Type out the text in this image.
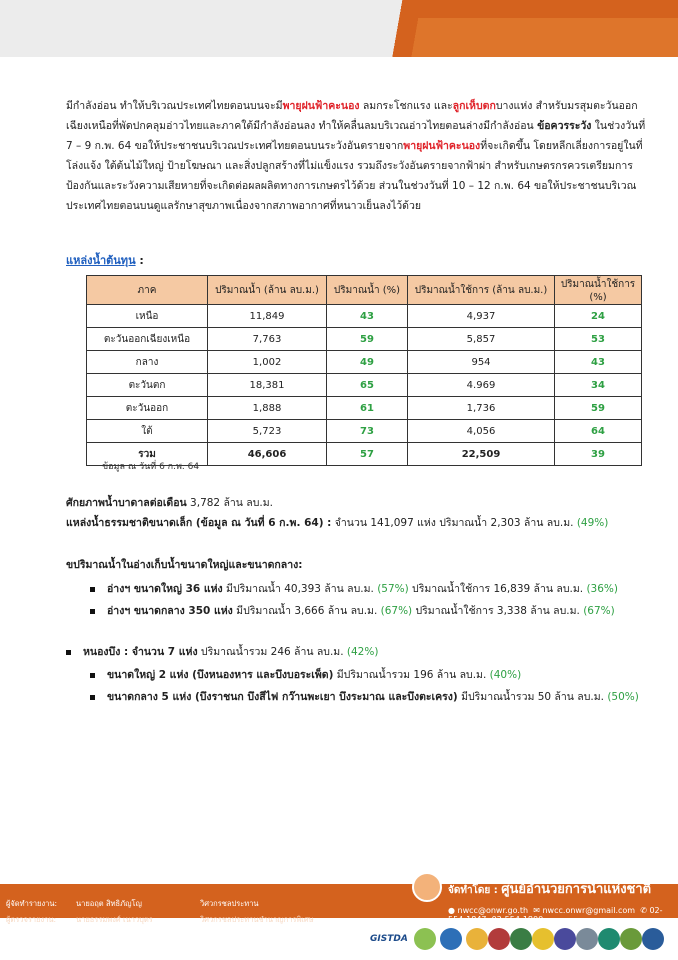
มีกำลังอ่อน ทำให้บริเวณประเทศไทยตอนบนจะมีพายุฝนฟ้าคะนอง ลมกระโชกแรง และลูกเห็บตกบางแห่ง สำหรับมรสุมตะวันออกเฉียงเหนือที่พัดปกคลุมอ่าวไทยและภาคใต้มีกำลังอ่อนลง ทำให้คลื่นลมบริเวณอ่าวไทยตอนล่างมีกำลังอ่อน ข้อควรระวัง ในช่วงวันที่ 7 – 9 ก.พ. 64 ขอให้ประชาชนบริเวณประเทศไทยตอนบนระวังอันตรายจากพายุฝนฟ้าคะนองที่จะเกิดขึ้น โดยหลีกเลี่ยงการอยู่ในที่โล่งแจ้ง ใต้ต้นไม้ใหญ่ ป้ายโฆษณา และสิ่งปลูกสร้างที่ไม่แข็งแรง รวมถึงระวังอันตรายจากฟ้าผ่า สำหรับเกษตรกรควรเตรียมการป้องกันและระวังความเสียหายที่จะเกิดต่อผลผลิตทางการเกษตรไว้ด้วย ส่วนในช่วงวันที่ 10 – 12 ก.พ. 64 ขอให้ประชาชนบริเวณประเทศไทยตอนบนดูแลรักษาสุขภาพเนื่องจากสภาพอากาศที่หนาวเย็นลงไว้ด้วย

แหล่งน้ำต้นทุน :
ภาค	ปริมาณน้ำ (ล้าน ลบ.ม.)	ปริมาณน้ำ (%)	ปริมาณน้ำใช้การ (ล้าน ลบ.ม.)	ปริมาณน้ำใช้การ (%)
เหนือ	11,849	43	4,937	24
ตะวันออกเฉียงเหนือ	7,763	59	5,857	53
กลาง	1,002	49	954	43
ตะวันตก	18,381	65	4.969	34
ตะวันออก	1,888	61	1,736	59
ใต้	5,723	73	4,056	64
รวม	46,606	57	22,509	39
ข้อมูล ณ วันที่ 6 ก.พ. 64
ศักยภาพน้ำบาดาลต่อเดือน 3,782 ล้าน ลบ.ม.
แหล่งน้ำธรรมชาติขนาดเล็ก (ข้อมูล ณ วันที่ 6 ก.พ. 64) : จำนวน 141,097 แห่ง ปริมาณน้ำ 2,303 ล้าน ลบ.ม. (49%)
ขปริมาณน้ำในอ่างเก็บน้ำขนาดใหญ่และขนาดกลาง:
อ่างฯ ขนาดใหญ่ 36 แห่ง มีปริมาณน้ำ 40,393 ล้าน ลบ.ม. (57%) ปริมาณน้ำใช้การ 16,839 ล้าน ลบ.ม. (36%)
อ่างฯ ขนาดกลาง 350 แห่ง มีปริมาณน้ำ 3,666 ล้าน ลบ.ม. (67%) ปริมาณน้ำใช้การ 3,338 ล้าน ลบ.ม. (67%)
หนองบึง : จำนวน 7 แห่ง ปริมาณน้ำรวม 246 ล้าน ลบ.ม. (42%)
ขนาดใหญ่ 2 แห่ง (บึงหนองหาร และบึงบอระเพ็ด) มีปริมาณน้ำรวม 196 ล้าน ลบ.ม. (40%)
ขนาดกลาง 5 แห่ง (บึงราชนก บึงสีไฟ กว๊านพะเยา บึงระมาณ และบึงตะเครง) มีปริมาณน้ำรวม 50 ล้าน ลบ.ม. (50%)
ผู้จัดทำรายงาน:	นายอฤต สิทธิภัญโญ	วิศวกรชลประทาน
ผู้ตรวจรายงาน:	นายธรรมพงศ์ เนาวบุตร	วิศวกรชลประทานชำนาญการพิเศษ
จัดทำโดย : ศูนย์อำนวยการน้ำแห่งชาติ
● nwcc@onwr.go.th ✉ nwcc.onwr@gmail.com ✆ 02-554-1847, 02-554-1800
GISTDA
